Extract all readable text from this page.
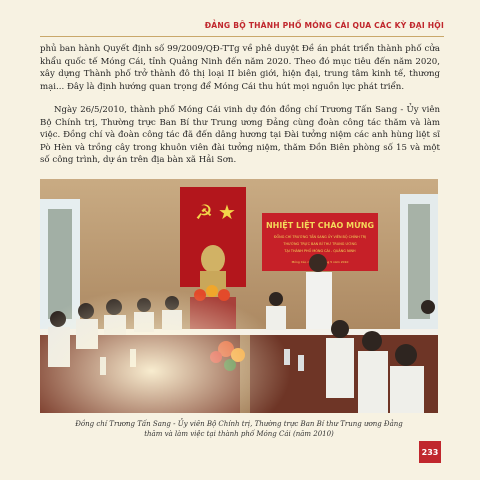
ĐẢNG BỘ THÀNH PHỐ MÓNG CÁI QUA CÁC KỲ ĐẠI HỘI

phủ ban hành Quyết định số 99/2009/QĐ-TTg về phê duyệt Đề án phát triển thành phố cửa khẩu quốc tế Móng Cái, tỉnh Quảng Ninh đến năm 2020. Theo đó mục tiêu đến năm 2020, xây dựng Thành phố trở thành đô thị loại II biên giới, hiện đại, trung tâm kinh tế, thương mại... Đây là định hướng quan trọng để Móng Cái thu hút mọi nguồn lực phát triển.

Ngày 26/5/2010, thành phố Móng Cái vinh dự đón đồng chí Trương Tấn Sang - Ủy viên Bộ Chính trị, Thường trực Ban Bí thư Trung ương Đảng cùng đoàn công tác thăm và làm việc. Đồng chí và đoàn công tác đã đến dâng hương tại Đài tưởng niệm các anh hùng liệt sĩ Pò Hèn và trồng cây trong khuôn viên đài tưởng niệm, thăm Đồn Biên phòng số 15 và một số công trình, dự án trên địa bàn xã Hải Sơn.

Đồng chí Trương Tấn Sang - Ủy viên Bộ Chính trị, Thường trực Ban Bí thư Trung ương Đảng
thăm và làm việc tại thành phố Móng Cái (năm 2010)
233
